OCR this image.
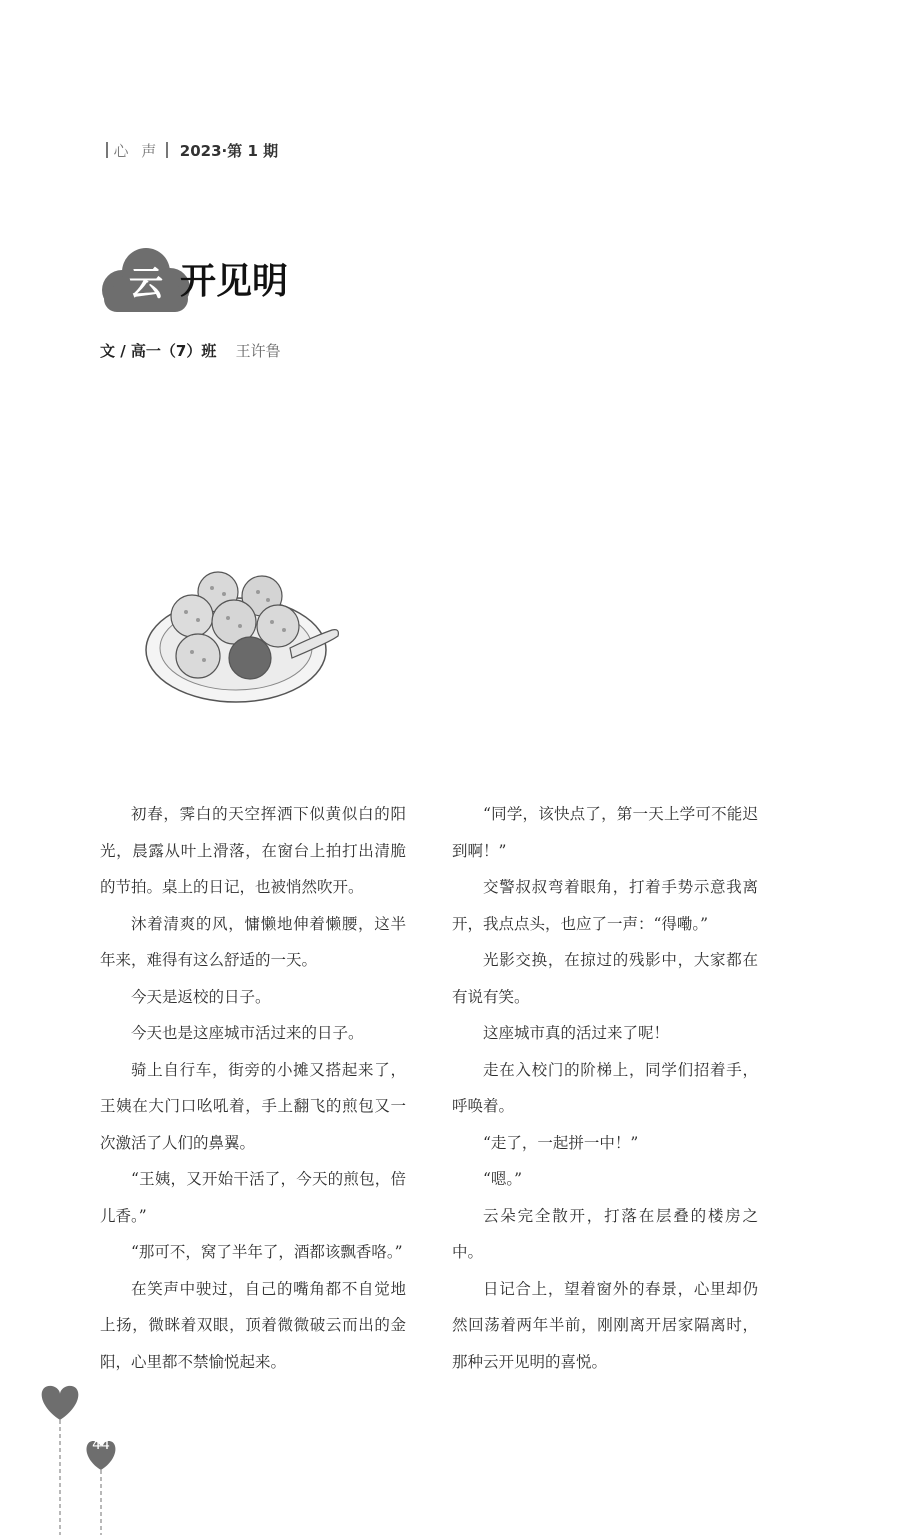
心 声 2023·第 1 期
云 开见明
文 / 高一（7）班 王许鲁

初春，霁白的天空挥洒下似黄似白的阳光，晨露从叶上滑落，在窗台上拍打出清脆的节拍。桌上的日记，也被悄然吹开。

沐着清爽的风，慵懒地伸着懒腰，这半年来，难得有这么舒适的一天。

今天是返校的日子。

今天也是这座城市活过来的日子。

骑上自行车，街旁的小摊又搭起来了，王姨在大门口吆吼着，手上翻飞的煎包又一次激活了人们的鼻翼。

“王姨，又开始干活了，今天的煎包，倍儿香。”

“那可不，窝了半年了，酒都该飘香咯。”

在笑声中驶过，自己的嘴角都不自觉地上扬，微眯着双眼，顶着微微破云而出的金阳，心里都不禁愉悦起来。

“同学，该快点了，第一天上学可不能迟到啊！”

交警叔叔弯着眼角，打着手势示意我离开，我点点头，也应了一声：“得嘞。”

光影交换，在掠过的残影中，大家都在有说有笑。

这座城市真的活过来了呢！

走在入校门的阶梯上，同学们招着手，呼唤着。

“走了，一起拼一中！”

“嗯。”

云朵完全散开，打落在层叠的楼房之中。

日记合上，望着窗外的春景，心里却仍然回荡着两年半前，刚刚离开居家隔离时，那种云开见明的喜悦。

44
